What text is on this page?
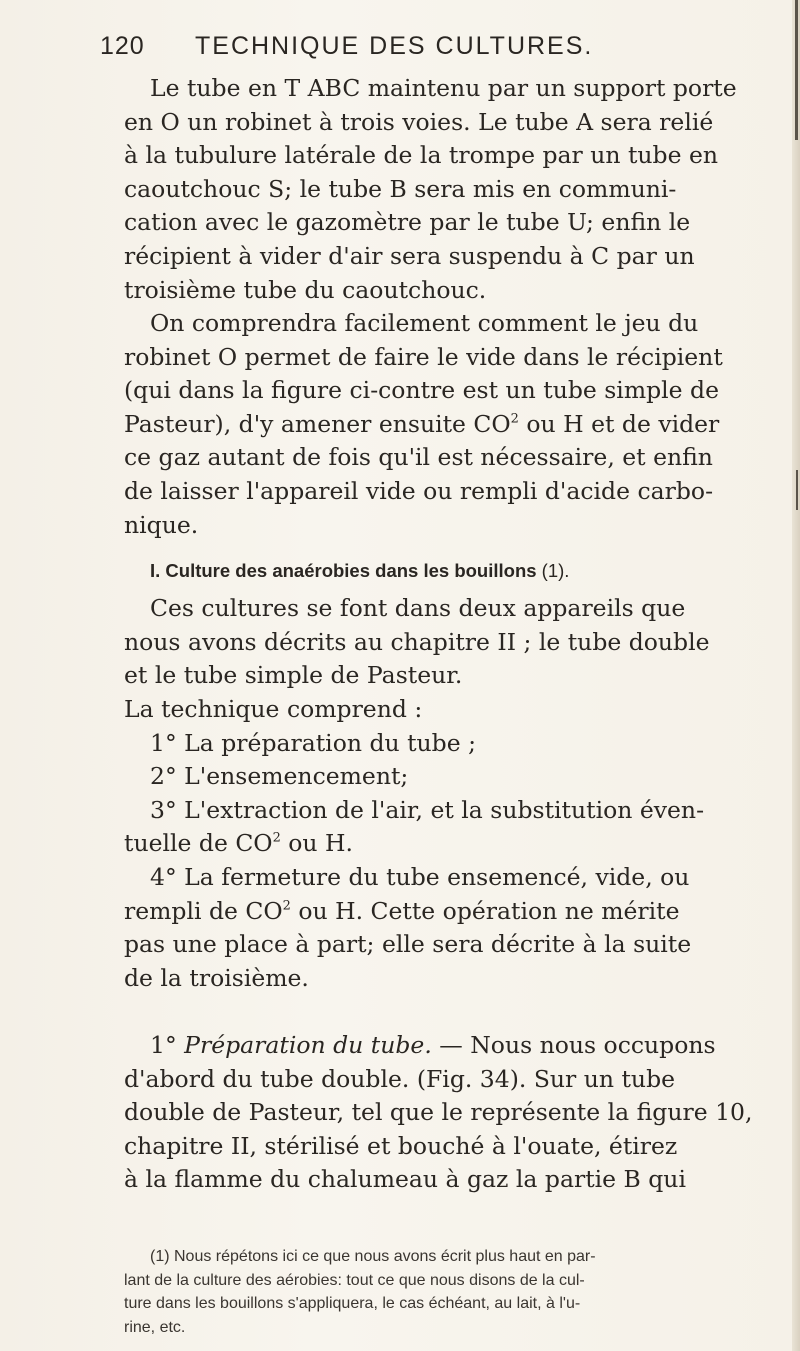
120 TECHNIQUE DES CULTURES.

Le tube en T ABC maintenu par un support porte

en O un robinet à trois voies. Le tube A sera relié

à la tubulure latérale de la trompe par un tube en

caoutchouc S; le tube B sera mis en communi-

cation avec le gazomètre par le tube U; enfin le

récipient à vider d'air sera suspendu à C par un

troisième tube du caoutchouc.

On comprendra facilement comment le jeu du

robinet O permet de faire le vide dans le récipient

(qui dans la figure ci-contre est un tube simple de

Pasteur), d'y amener ensuite $CO^2$ ou H et de vider

ce gaz autant de fois qu'il est nécessaire, et enfin

de laisser l'appareil vide ou rempli d'acide carbo-

nique.

I. Culture des anaérobies dans les bouillons (1).

Ces cultures se font dans deux appareils que

nous avons décrits au chapitre II ; le tube double

et le tube simple de Pasteur.

La technique comprend :

1° La préparation du tube ;

2° L'ensemencement;

3° L'extraction de l'air, et la substitution éven-

tuelle de $CO^2$ ou H.

4° La fermeture du tube ensemencé, vide, ou

rempli de $CO^2$ ou H. Cette opération ne mérite

pas une place à part; elle sera décrite à la suite

de la troisième.

1° Préparation du tube. — Nous nous occupons

d'abord du tube double. (Fig. 34). Sur un tube

double de Pasteur, tel que le représente la figure 10,

chapitre II, stérilisé et bouché à l'ouate, étirez

à la flamme du chalumeau à gaz la partie B qui

(1) Nous répétons ici ce que nous avons écrit plus haut en par-

lant de la culture des aérobies: tout ce que nous disons de la cul-

ture dans les bouillons s'appliquera, le cas échéant, au lait, à l'u-

rine, etc.
